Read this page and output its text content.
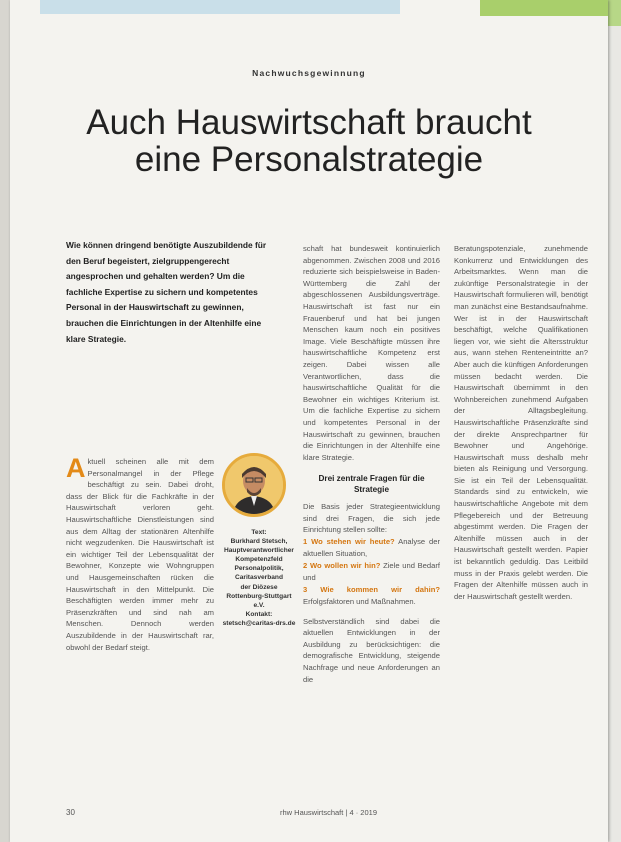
Nachwuchsgewinnung
Auch Hauswirtschaft braucht
eine Personalstrategie
Wie können dringend benötigte Auszubildende für den Beruf begeistert, zielgruppengerecht angesprochen und gehalten werden? Um die fachliche Expertise zu sichern und kompetentes Personal in der Hauswirtschaft zu gewinnen, brauchen die Einrichtungen in der Altenhilfe eine klare Strategie.
A ktuell scheinen alle mit dem Personalmangel in der Pflege beschäftigt zu sein. Dabei droht, dass der Blick für die Fachkräfte in der Hauswirtschaft verloren geht. Hauswirtschaftliche Dienstleistungen sind aus dem Alltag der stationären Altenhilfe nicht wegzudenken. Die Hauswirtschaft ist ein wichtiger Teil der Lebensqualität der Bewohner, Konzepte wie Wohngruppen und Hausgemeinschaften rücken die Hauswirtschaft in den Mittelpunkt. Die Beschäftigten werden immer mehr zu Präsenzkräften und sind nah am Menschen. Dennoch werden Auszubildende in der Hauswirtschaft rar, obwohl der Bedarf steigt.
Text:
Burkhard Stetsch,
Hauptverantwortlicher
Kompetenzfeld
Personalpolitik,
Caritasverband
der Diözese
Rottenburg-Stuttgart e.V.
Kontakt: stetsch@caritas-drs.de
schaft hat bundesweit kontinuierlich abgenommen. Zwischen 2008 und 2016 reduzierte sich beispielsweise in Baden-Württemberg die Zahl der abgeschlossenen Ausbildungsverträge. Hauswirtschaft ist fast nur ein Frauenberuf und hat bei jungen Menschen kaum noch ein positives Image. Viele Beschäftigte müssen ihre hauswirtschaftliche Kompetenz erst zeigen. Dabei wissen alle Verantwortlichen, dass die hauswirtschaftliche Qualität für die Bewohner ein wichtiges Kriterium ist. Um die fachliche Expertise zu sichern und kompetentes Personal in der Hauswirtschaft zu gewinnen, brauchen die Einrichtungen in der Altenhilfe eine klare Strategie.
Drei zentrale Fragen für die Strategie
Die Basis jeder Strategieentwicklung sind drei Fragen, die sich jede Einrichtung stellen sollte:
1 Wo stehen wir heute? Analyse der aktuellen Situation,
2 Wo wollen wir hin? Ziele und Bedarf und
3 Wie kommen wir dahin? Erfolgsfaktoren und Maßnahmen.
Selbstverständlich sind dabei die aktuellen Entwicklungen in der Ausbildung zu berücksichtigen: die demografische Entwicklung, steigende Nachfrage und neue Anforderungen an die
Beratungspotenziale, zunehmende Konkurrenz und Entwicklungen des Arbeitsmarktes. Wenn man die zukünftige Personalstrategie in der Hauswirtschaft formulieren will, benötigt man zunächst eine Bestandsaufnahme. Wer ist in der Hauswirtschaft beschäftigt, welche Qualifikationen liegen vor, wie sieht die Altersstruktur aus, wann stehen Renteneintritte an? Aber auch die künftigen Anforderungen müssen bedacht werden. Die Hauswirtschaft übernimmt in den Wohnbereichen zunehmend Aufgaben der Alltagsbegleitung. Hauswirtschaftliche Präsenzkräfte sind der direkte Ansprechpartner für Bewohner und Angehörige. Hauswirtschaft muss deshalb mehr bieten als Reinigung und Versorgung. Sie ist ein Teil der Lebensqualität. Standards sind zu entwickeln, wie hauswirtschaftliche Angebote mit dem Pflegebereich und der Betreuung abgestimmt werden. Die Fragen der Altenhilfe müssen auch in der Hauswirtschaft gestellt werden. Papier ist bekanntlich geduldig. Das Leitbild muss in der Praxis gelebt werden. Die Fragen der Altenhilfe müssen auch in der Hauswirtschaft gestellt werden.
30	rhw Hauswirtschaft | 4 · 2019
